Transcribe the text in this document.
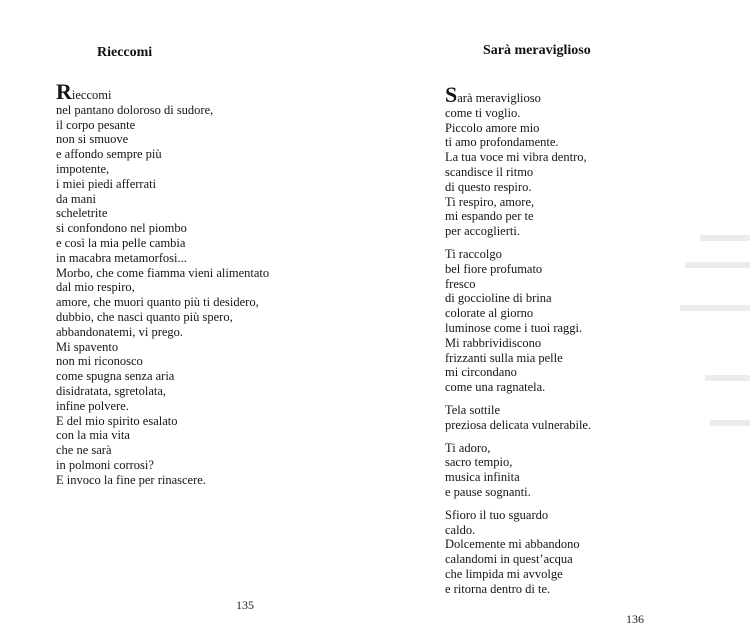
Rieccomi
Rieccomi
nel pantano doloroso di sudore,
il corpo pesante
non si smuove
e affondo sempre più
impotente,
i miei piedi afferrati
da mani
scheletrite
si confondono nel piombo
e così la mia pelle cambia
in macabra metamorfosi...
Morbo, che come fiamma vieni alimentato
dal mio respiro,
amore, che muori quanto più ti desidero,
dubbio, che nasci quanto più spero,
abbandonatemi, vi prego.
Mi spavento
non mi riconosco
come spugna senza aria
disidratata, sgretolata,
infine polvere.
E del mio spirito esalato
con la mia vita
che ne sarà
in polmoni corrosi?
E invoco la fine per rinascere.
135
Sarà meraviglioso
Sarà meraviglioso
come ti voglio.
Piccolo amore mio
ti amo profondamente.
La tua voce mi vibra dentro,
scandisce il ritmo
di questo respiro.
Ti respiro, amore,
mi espando per te
per accoglierti.
Ti raccolgo
bel fiore profumato
fresco
di goccioline di brina
colorate al giorno
luminose come i tuoi raggi.
Mi rabbrividiscono
frizzanti sulla mia pelle
mi circondano
come una ragnatela.
Tela sottile
preziosa delicata vulnerabile.
Ti adoro,
sacro tempio,
musica infinita
e pause sognanti.
Sfioro il tuo sguardo
caldo.
Dolcemente mi abbandono
calandomi in quest’acqua
che limpida mi avvolge
e ritorna dentro di te.
136
